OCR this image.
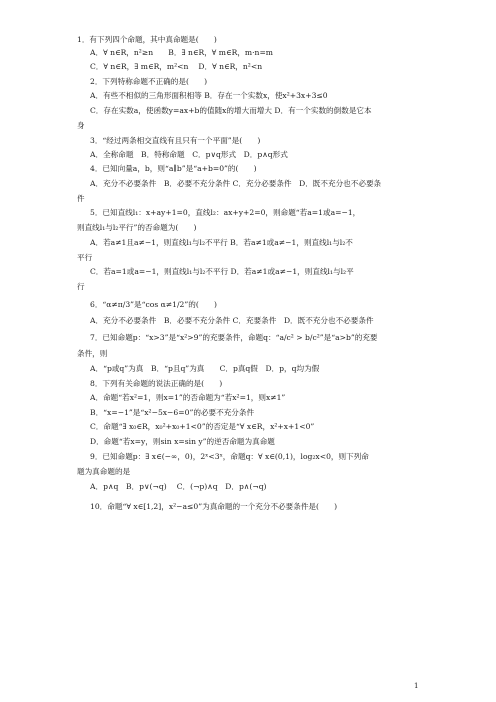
1．有下列四个命题，其中真命题是(　　)
A．∀ n∈R，n²≥n　　B．∃ n∈R，∀ m∈R，m·n=m
C．∀ n∈R，∃ m∈R，m²<n　 D．∀ n∈R，n²<n
2．下列特称命题不正确的是(　　)
A．有些不相似的三角形面积相等 B．存在一个实数x，使x²+3x+3≤0
C．存在实数a，使函数y=ax+b的值随x的增大而增大 D．有一个实数的倒数是它本
身
3．“经过两条相交直线有且只有一个平面”是(　　)
A．全称命题　B．特称命题　C．p∨q形式　D．p∧q形式
4．已知向量a，b，则“a∥b”是“a+b=0”的(　　)
A．充分不必要条件　B．必要不充分条件 C．充分必要条件　D．既不充分也不必要条
件
5．已知直线l₁：x+ay+1=0，直线l₂：ax+y+2=0，则命题“若a=1或a=−1，
则直线l₁与l₂平行”的否命题为(　　)
A．若a≠1且a≠−1，则直线l₁与l₂不平行 B．若a≠1或a≠−1，则直线l₁与l₂不
平行
C．若a=1或a=−1，则直线l₁与l₂不平行 D．若a≠1或a≠−1，则直线l₁与l₂平
行
6．“α≠π/3”是“cos α≠1/2”的(　　)
A．充分不必要条件　B．必要不充分条件 C．充要条件　D．既不充分也不必要条件
7．已知命题p：“x>3”是“x²>9”的充要条件，命题q：“a/c² > b/c²”是“a>b”的充要
条件，则
A．“p或q”为真　B．“p且q”为真　　C．p真q假　D．p，q均为假
8．下列有关命题的说法正确的是(　　)
A．命题“若x²=1，则x=1”的否命题为“若x²=1，则x≠1”
B．“x=−1”是“x²−5x−6=0”的必要不充分条件
C．命题“∃ x₀∈R，x₀²+x₀+1<0”的否定是“∀ x∈R，x²+x+1<0”
D．命题“若x=y，则sin x=sin y”的逆否命题为真命题
9．已知命题p：∃ x∈(−∞，0)，2ˣ<3ˣ，命题q：∀ x∈(0,1)，log₂x<0，则下列命
题为真命题的是
A．p∧q　B．p∨(¬q)　 C．(¬p)∧q　D．p∧(¬q)
10．命题“∀ x∈[1,2]，x²−a≤0”为真命题的一个充分不必要条件是(　　)
1
